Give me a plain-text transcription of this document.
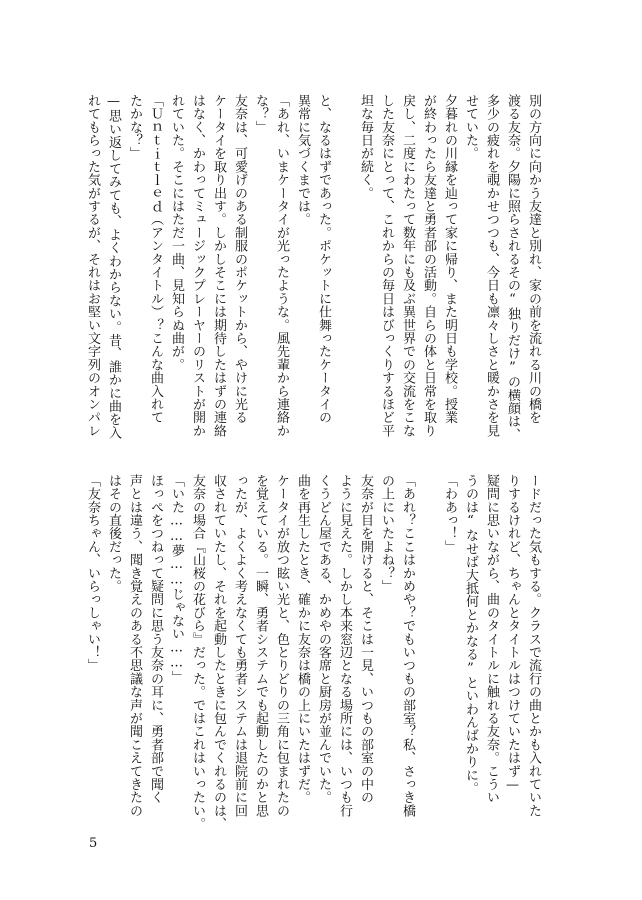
別の方向に向かう友達と別れ、家の前を流れる川の橋を
渡る友奈。夕陽に照らされるその“独りだけ”の横顔は、
多少の疲れを覗かせつつも、今日も凛々しさと暖かさを見
せていた。
夕暮れの川縁を辿って家に帰り、また明日も学校。授業
が終わったら友達と勇者部の活動。自らの体と日常を取り
戻し、二度にわたって数年にも及ぶ異世界での交流をこな
した友奈にとって、これからの毎日はびっくりするほど平
坦な毎日が続く。

と、なるはずであった。ポケットに仕舞ったケータイの
異常に気づくまでは。
「あれ、いまケータイが光ったような。風先輩から連絡か
な？」
友奈は、可愛げのある制服のポケットから、やけに光る
ケータイを取り出す。しかしそこには期待したはずの連絡
はなく、かわってミュージックプレーヤーのリストが開か
れていた。そこにはただ一曲、見知らぬ曲が。
「Ｕｎｔｉｔｌｅｄ（アンタイトル）？こんな曲入れて
たかな？」
—思い返してみても、よくわからない。昔、誰かに曲を入
れてもらった気がするが、それはお堅い文字列のオンパレ
ードだった気もする。クラスで流行の曲とかも入れていた
りするけれど、ちゃんとタイトルはつけていたはず—
疑問に思いながら、曲のタイトルに触れる友奈。こうい
うのは“なせば大抵何とかなる”といわんばかりに。
「わあっ！」

「あれ？ここはかめや？でもいつもの部室？私、さっき橋
の上にいたよね？」
友奈が目を開けると、そこは一見、いつもの部室の中の
ように見えた。しかし本来窓辺となる場所には、いつも行
くうどん屋である、かめやの客席と厨房が並んでいた。
曲を再生したとき、確かに友奈は橋の上にいたはずだ。
ケータイが放つ眩い光と、色とりどりの三角に包まれたの
を覚えている。一瞬、勇者システムでも起動したのかと思
ったが、よくよく考えなくても勇者システムは退院前に回
収されていたし、それを起動したときに包んでくれるのは、
友奈の場合『山桜の花びら』だった。ではこれはいったい。
「いた……夢……じゃない……」
ほっぺをつねって疑問に思う友奈の耳に、勇者部で聞く
声とは違う、聞き覚えのある不思議な声が聞こえてきたの
はその直後だった。
「友奈ちゃん、いらっしゃい！」
5
